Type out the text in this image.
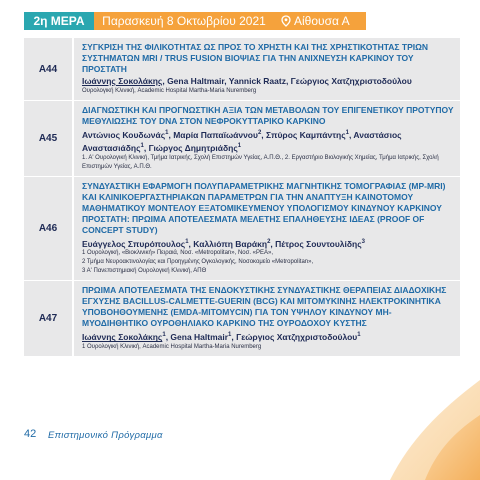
2η ΜΕΡΑ	Παρασκευή 8 Οκτωβρίου 2021	Αίθουσα Α
A44
ΣΥΓΚΡΙΣΗ ΤΗΣ ΦΙΛΙΚΟΤΗΤΑΣ ΩΣ ΠΡΟΣ ΤΟ ΧΡΗΣΤΗ ΚΑΙ ΤΗΣ ΧΡΗΣΤΙΚΟΤΗΤΑΣ ΤΡΙΩΝ ΣΥΣΤΗΜΑΤΩΝ MRI / TRUS FUSION ΒΙΟΨΙΑΣ ΓΙΑ ΤΗΝ ΑΝΙΧΝΕΥΣΗ ΚΑΡΚΙΝΟΥ ΤΟΥ ΠΡΟΣΤΑΤΗ
Ιωάννης Σοκολάκης, Gena Haltmair, Yannick Raatz, Γεώργιος Χατζηχριστοδούλου
Ουρολογική Κλινική, Academic Hospital Martha-Maria Nuremberg
A45
ΔΙΑΓΝΩΣΤΙΚΗ ΚΑΙ ΠΡΟΓΝΩΣΤΙΚΗ ΑΞΙΑ ΤΩΝ ΜΕΤΑΒΟΛΩΝ ΤΟΥ ΕΠΙΓΕΝΕΤΙΚΟΥ ΠΡΟΤΥΠΟΥ ΜΕΘΥΛΙΩΣΗΣ ΤΟΥ DNA ΣΤΟΝ ΝΕΦΡΟΚΥΤΤΑΡΙΚΟ ΚΑΡΚΙΝΟ
Αντώνιος Κουδωνάς$^1$, Μαρία Παπαϊωάννου$^2$, Σπύρος Καμπάντης$^1$, Αναστάσιος Αναστασιάδης$^1$, Γιώργος Δημητριάδης$^1$
1. Α' Ουρολογική Κλινική, Τμήμα Ιατρικής, Σχολή Επιστημών Υγείας, Α.Π.Θ., 2. Εργαστήριο Βιολογικής Χημείας, Τμήμα Ιατρικής, Σχολή Επιστημών Υγείας, Α.Π.Θ.
A46
ΣΥΝΔΥΑΣΤΙΚΗ ΕΦΑΡΜΟΓΗ ΠΟΛΥΠΑΡΑΜΕΤΡΙΚΗΣ ΜΑΓΝΗΤΙΚΗΣ ΤΟΜΟΓΡΑΦΙΑΣ (MP-MRI) ΚΑΙ ΚΛΙΝΙΚΟΕΡΓΑΣΤΗΡΙΑΚΩΝ ΠΑΡΑΜΕΤΡΩΝ ΓΙΑ ΤΗΝ ΑΝΑΠΤΥΞΗ ΚΑΙΝΟΤΟΜΟΥ ΜΑΘΗΜΑΤΙΚΟΥ ΜΟΝΤΕΛΟΥ ΕΞΑΤΟΜΙΚΕΥΜΕΝΟΥ ΥΠΟΛΟΓΙΣΜΟΥ ΚΙΝΔΥΝΟΥ ΚΑΡΚΙΝΟΥ ΠΡΟΣΤΑΤΗ: ΠΡΩΙΜΑ ΑΠΟΤΕΛΕΣΜΑΤΑ ΜΕΛΕΤΗΣ ΕΠΑΛΗΘΕΥΣΗΣ ΙΔΕΑΣ (PROOF OF CONCEPT STUDY)
Ευάγγελος Σπυρόπουλος$^1$, Καλλιόπη Βαράκη$^2$, Πέτρος Σουντουλίδης$^3$
1 Ουρολογική, «Βιοκλινική» Πειραιά, Νοσ. «Metropolitan», Νοσ. «ΡΕΑ»,
2 Τμήμα Νευροακτινολογίας και Προηγμένης Ογκολογικής, Νοσοκομείο «Metropolitan»,
3 Α' Πανεπιστημιακή Ουρολογική Κλινική, ΑΠΘ
A47
ΠΡΩΙΜΑ ΑΠΟΤΕΛΕΣΜΑΤΑ ΤΗΣ ΕΝΔΟΚΥΣΤΙΚΗΣ ΣΥΝΔΥΑΣΤΙΚΗΣ ΘΕΡΑΠΕΙΑΣ ΔΙΑΔΟΧΙΚΗΣ ΕΓΧΥΣΗΣ BACILLUS-CALMETTE-GUERIN (BCG) ΚΑΙ ΜΙΤΟΜΥΚΙΝΗΣ ΗΛΕΚΤΡΟΚΙΝΗΤΙΚΑ ΥΠΟΒΟΗΘΟΥΜΕΝΗΣ (EMDA-MITOMYCIN) ΓΙΑ ΤΟΝ ΥΨΗΛΟΥ ΚΙΝΔΥΝΟΥ ΜΗ-ΜΥΟΔΙΗΘΗΤΙΚΟ ΟΥΡΟΘΗΛΙΑΚΟ ΚΑΡΚΙΝΟ ΤΗΣ ΟΥΡΟΔΟΧΟΥ ΚΥΣΤΗΣ
Ιωάννης Σοκολάκης$^1$, Gena Haltmair$^1$, Γεώργιος Χατζηχριστοδούλου$^1$
1 Ουρολογική Κλινική, Academic Hospital Martha-Maria Nuremberg
42 Επιστημονικό Πρόγραμμα
